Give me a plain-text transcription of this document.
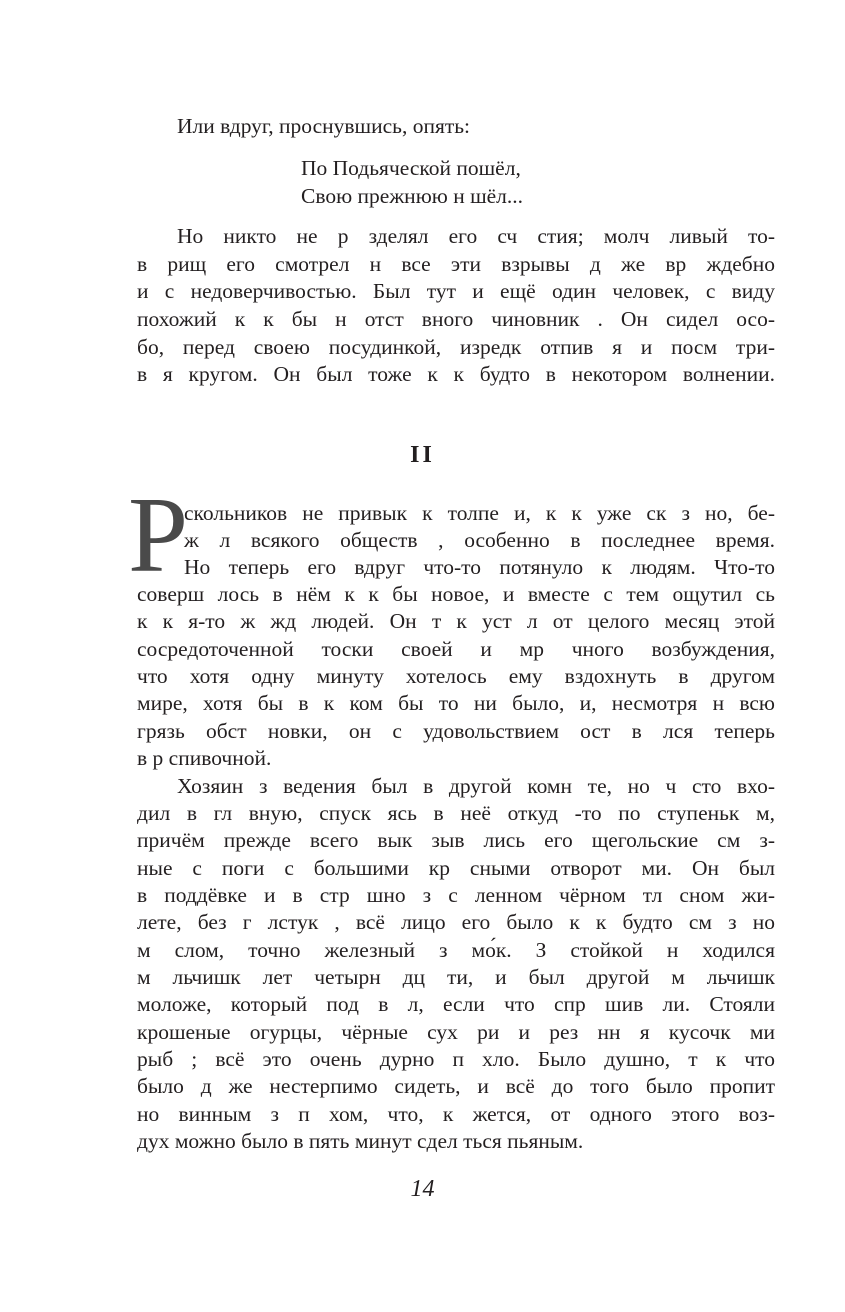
Или вдруг, проснувшись, опять:
По Подьяческой пошёл,
Свою прежнюю н шёл...
Но никто не р зделял его сч стия; молч ливый то-
в рищ его смотрел н все эти взрывы д же вр ждебно
и с недоверчивостью. Был тут и ещё один человек, с виду
похожий к к бы н отст вного чиновник . Он сидел осо-
бо, перед своею посудинкой, изредк отпив я и посм три-
в я кругом. Он был тоже к к будто в некотором волнении.
II
Р
скольников не привык к толпе и, к к уже ск з но, бе-
ж л всякого обществ , особенно в последнее время.
Но теперь его вдруг что-то потянуло к людям. Что-то
соверш лось в нём к к бы новое, и вместе с тем ощутил сь
к к я-то ж жд людей. Он т к уст л от целого месяц этой
сосредоточенной тоски своей и мр чного возбуждения,
что хотя одну минуту хотелось ему вздохнуть в другом
мире, хотя бы в к ком бы то ни было, и, несмотря н всю
грязь обст новки, он с удовольствием ост в лся теперь
в р спивочной.
Хозяин з ведения был в другой комн те, но ч сто вхо-
дил в гл вную, спуск ясь в неё откуд -то по ступеньк м,
причём прежде всего вык зыв лись его щегольские см з-
ные с поги с большими кр сными отворот ми. Он был
в поддёвке и в стр шно з с ленном чёрном тл сном жи-
лете, без г лстук , всё лицо его было к к будто см з но
м слом, точно железный з мо́к. З стойкой н ходился
м льчишк лет четырн дц ти, и был другой м льчишк
моложе, который под в л, если что спр шив ли. Стояли
крошеные огурцы, чёрные сух ри и рез нн я кусочк ми
рыб ; всё это очень дурно п хло. Было душно, т к что
было д же нестерпимо сидеть, и всё до того было пропит
но винным з п хом, что, к жется, от одного этого воз-
дух можно было в пять минут сдел ться пьяным.
14
